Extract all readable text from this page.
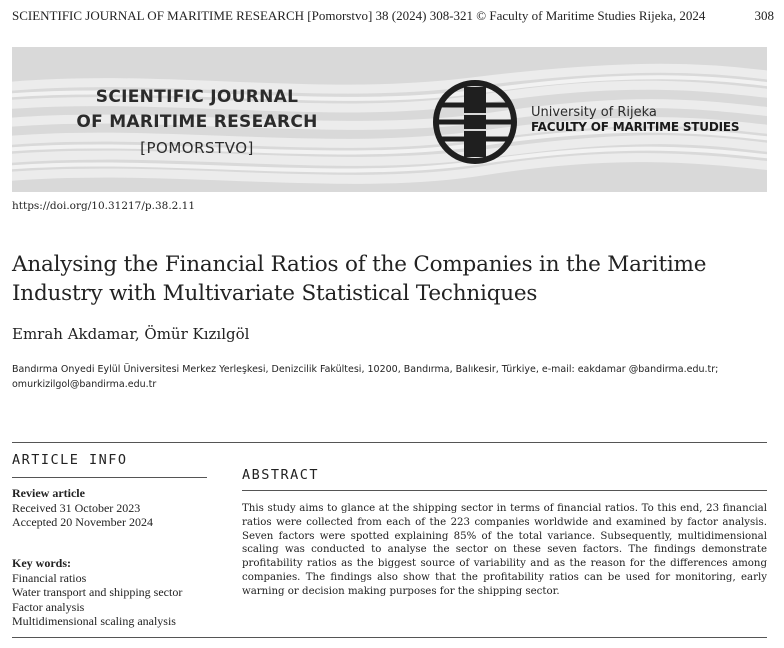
SCIENTIFIC JOURNAL OF MARITIME RESEARCH [Pomorstvo] 38 (2024) 308-321 © Faculty of Maritime Studies Rijeka, 2024	308
SCIENTIFIC JOURNAL
OF MARITIME RESEARCH
[POMORSTVO]
University of Rijeka
FACULTY OF MARITIME STUDIES
https://doi.org/10.31217/p.38.2.11
Analysing the Financial Ratios of the Companies in the Maritime
Industry with Multivariate Statistical Techniques
Emrah Akdamar, Ömür Kızılgöl
Bandırma Onyedi Eylül Üniversitesi Merkez Yerleşkesi, Denizcilik Fakültesi, 10200, Bandırma, Balıkesir, Türkiye, e-mail: eakdamar @bandirma.edu.tr;
omurkizilgol@bandirma.edu.tr
ARTICLE INFO
Review article
Received 31 October 2023
Accepted 20 November 2024
Key words:
Financial ratios
Water transport and shipping sector
Factor analysis
Multidimensional scaling analysis
ABSTRACT
This study aims to glance at the shipping sector in terms of financial ratios. To this end, 23 financial ratios were collected from each of the 223 companies worldwide and examined by factor analysis. Seven factors were spotted explaining 85% of the total variance. Subsequently, multidimensional scaling was conducted to analyse the sector on these seven factors. The findings demonstrate profitability ratios as the biggest source of variability and as the reason for the differences among companies. The findings also show that the profitability ratios can be used for monitoring, early warning or decision making purposes for the shipping sector.
